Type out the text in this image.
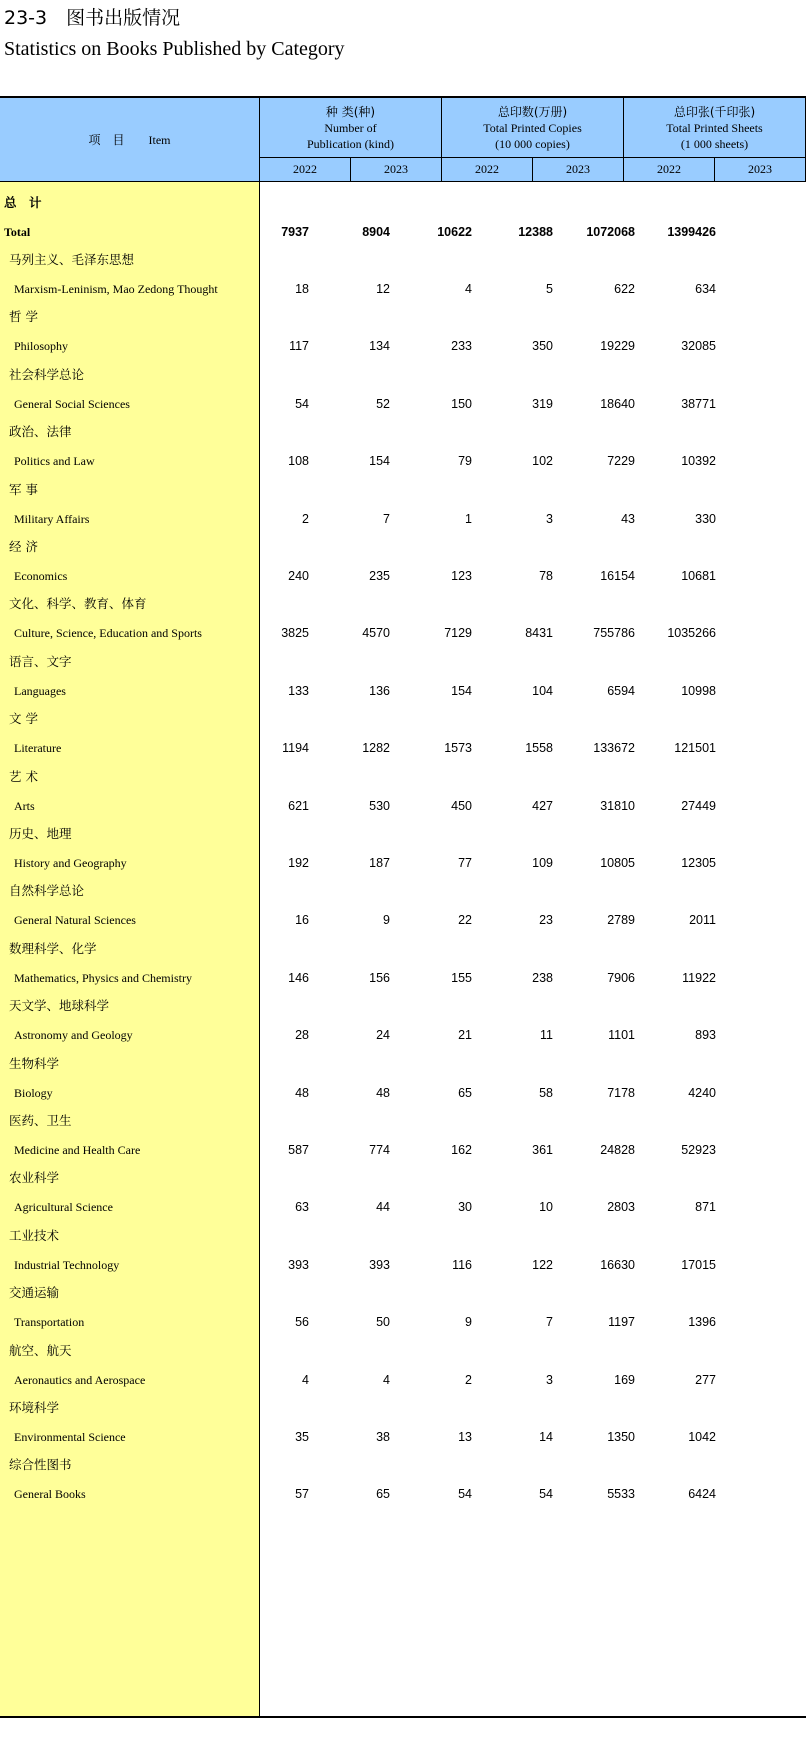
23-3　 图书出版情况
Statistics on Books Published by Category
项　目　　Item
种 类(种)
Number of
Publication (kind)
总印数(万册)
Total Printed Copies
(10 000 copies)
总印张(千印张)
Total Printed Sheets
(1 000 sheets)
2022	2023	2022	2023	2022	2023
总　计
Total	7937	8904	10622	12388	1072068	1399426
马列主义、毛泽东思想
Marxism-Leninism, Mao Zedong Thought	18	12	4	5	622	634
哲 学
Philosophy	117	134	233	350	19229	32085
社会科学总论
General Social Sciences	54	52	150	319	18640	38771
政治、法律
Politics and Law	108	154	79	102	7229	10392
军 事
Military Affairs	2	7	1	3	43	330
经 济
Economics	240	235	123	78	16154	10681
文化、科学、教育、体育
Culture, Science, Education and Sports	3825	4570	7129	8431	755786	1035266
语言、文字
Languages	133	136	154	104	6594	10998
文 学
Literature	1194	1282	1573	1558	133672	121501
艺 术
Arts	621	530	450	427	31810	27449
历史、地理
History and Geography	192	187	77	109	10805	12305
自然科学总论
General Natural Sciences	16	9	22	23	2789	2011
数理科学、化学
Mathematics, Physics and Chemistry	146	156	155	238	7906	11922
天文学、地球科学
Astronomy and Geology	28	24	21	11	1101	893
生物科学
Biology	48	48	65	58	7178	4240
医药、卫生
Medicine and Health Care	587	774	162	361	24828	52923
农业科学
Agricultural Science	63	44	30	10	2803	871
工业技术
Industrial Technology	393	393	116	122	16630	17015
交通运输
Transportation	56	50	9	7	1197	1396
航空、航天
Aeronautics and Aerospace	4	4	2	3	169	277
环境科学
Environmental Science	35	38	13	14	1350	1042
综合性图书
General Books	57	65	54	54	5533	6424
